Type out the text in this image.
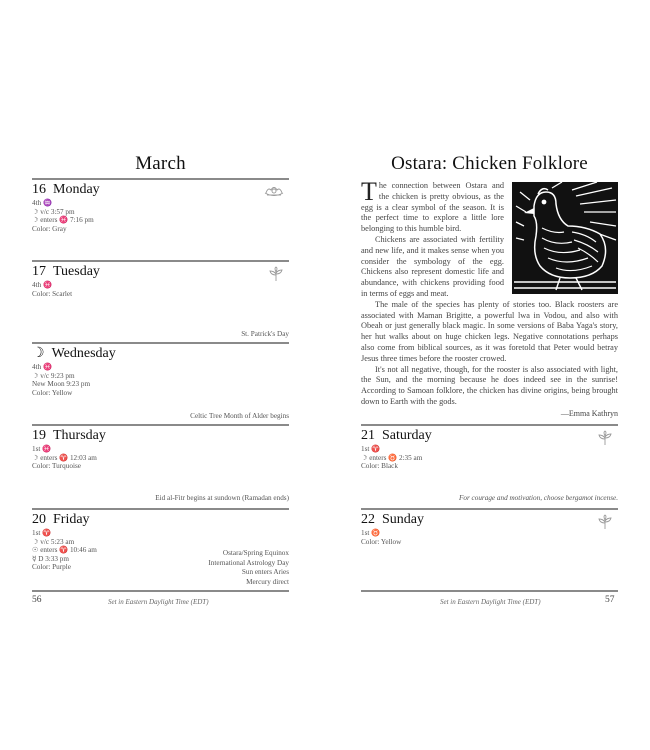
March
16 Monday
4th ♒
☽ v/c 3:57 pm
☽ enters ♓ 7:16 pm
Color: Gray
17 Tuesday
4th ♓
Color: Scarlet
St. Patrick's Day
☽ Wednesday
4th ♓
☽ v/c 9:23 pm
New Moon 9:23 pm
Color: Yellow
Celtic Tree Month of Alder begins
19 Thursday
1st ♓
☽ enters ♈ 12:03 am
Color: Turquoise
Eid al-Fitr begins at sundown (Ramadan ends)
20 Friday
1st ♈
☽ v/c 5:23 am
☉ enters ♈ 10:46 am
☿ D 3:33 pm
Color: Purple
Ostara/Spring Equinox
International Astrology Day
Sun enters Aries
Mercury direct
56	Set in Eastern Daylight Time (EDT)
Ostara: Chicken Folklore

The connection between Ostara and the chicken is pretty obvious, as the egg is a clear symbol of the season. It is the perfect time to explore a little lore belonging to this humble bird.

Chickens are associated with fertility and new life, and it makes sense when you consider the symbology of the egg. Chickens also represent domestic life and abundance, with chickens providing food in terms of eggs and meat.

The male of the species has plenty of stories too. Black roosters are associated with Maman Brigitte, a powerful lwa in Vodou, and also with Obeah or just generally black magic. In some versions of Baba Yaga's story, her hut walks about on huge chicken legs. Negative connotations perhaps also come from biblical sources, as it was foretold that Peter would betray Jesus three times before the rooster crowed.

It's not all negative, though, for the rooster is also associated with light, the Sun, and the morning because he does indeed see in the sunrise! According to Samoan folklore, the chicken has divine origins, being brought down to Earth with the gods.

—Emma Kathryn
21 Saturday
1st ♈
☽ enters ♉ 2:35 am
Color: Black
For courage and motivation, choose bergamot incense.
22 Sunday
1st ♉
Color: Yellow
Set in Eastern Daylight Time (EDT)	57
